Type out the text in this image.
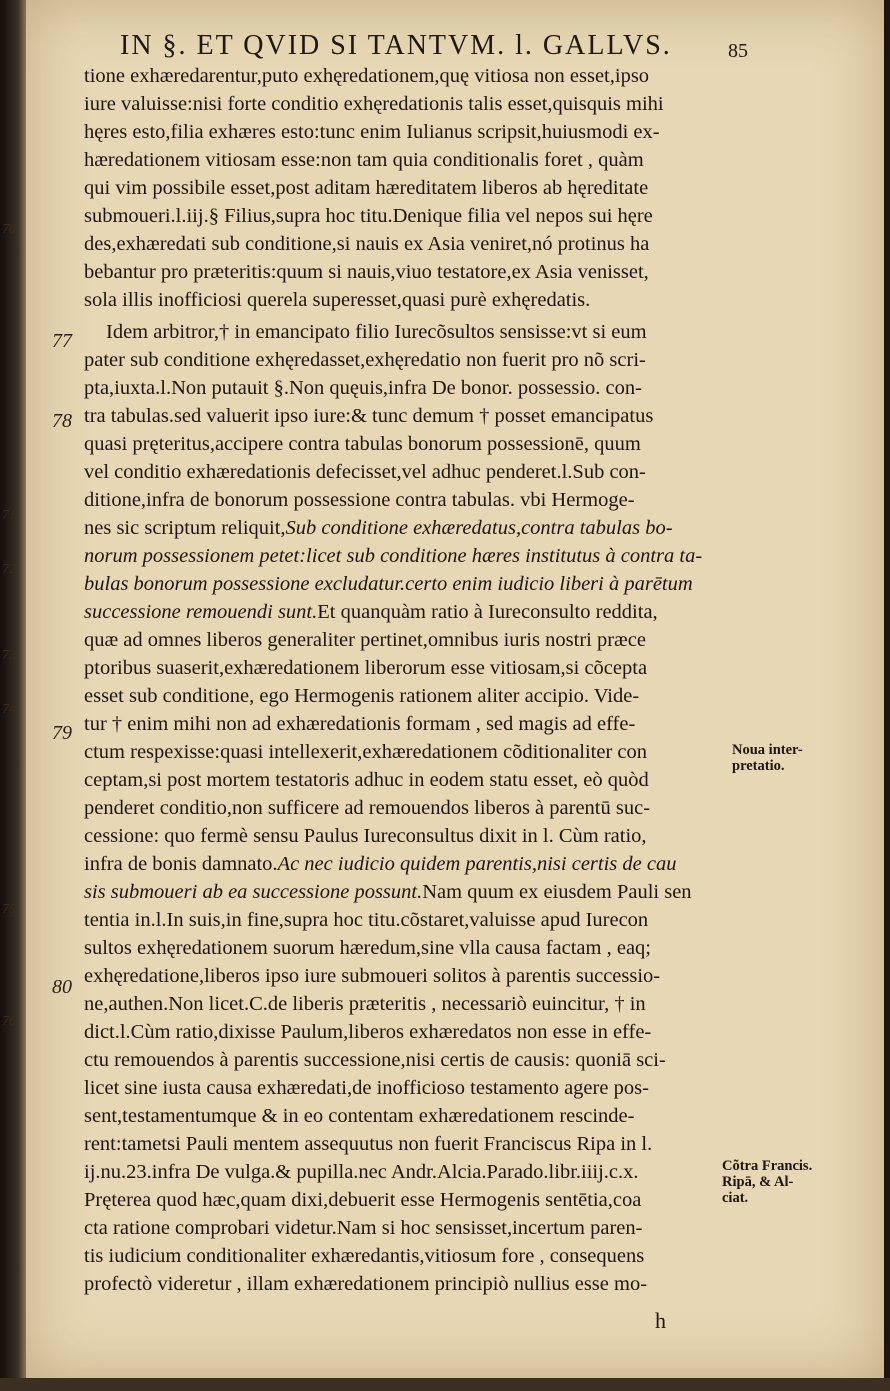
70
71
72
73
74
75
76
IN §. ET QVID SI TANTVM. l. GALLVS.	85
77
78
79
80
tione exhæredarentur,puto exhęredationem,quę vitiosa non esset,ipso
iure valuisse:nisi forte conditio exhęredationis talis esset,quisquis mihi
hęres esto,filia exhæres esto:tunc enim Iulianus scripsit,huiusmodi ex-
hæredationem vitiosam esse:non tam quia conditionalis foret , quàm
qui vim possibile esset,post aditam hæreditatem liberos ab hęreditate
submoueri.l.iij.§ Filius,supra hoc titu.Denique filia vel nepos sui hęre
des,exhæredati sub conditione,si nauis ex Asia veniret,nó protinus ha
bebantur pro præteritis:quum si nauis,viuo testatore,ex Asia venisset,
sola illis inofficiosi querela superesset,quasi purè exhęredatis.
Idem arbitror,† in emancipato filio Iurecõsultos sensisse:vt si eum
pater sub conditione exhęredasset,exhęredatio non fuerit pro nõ scri-
pta,iuxta.l.Non putauit §.Non quęuis,infra De bonor. possessio. con-
tra tabulas.sed valuerit ipso iure:& tunc demum † posset emancipatus
quasi pręteritus,accipere contra tabulas bonorum possessionē, quum
vel conditio exhæredationis defecisset,vel adhuc penderet.l.Sub con-
ditione,infra de bonorum possessione contra tabulas. vbi Hermoge-
nes sic scriptum reliquit,Sub conditione exhæredatus,contra tabulas bo-
norum possessionem petet:licet sub conditione hæres institutus à contra ta-
bulas bonorum possessione excludatur.certo enim iudicio liberi à parētum
successione remouendi sunt.Et quanquàm ratio à Iureconsulto reddita,
quæ ad omnes liberos generaliter pertinet,omnibus iuris nostri præce
ptoribus suaserit,exhæredationem liberorum esse vitiosam,si cõcepta
esset sub conditione, ego Hermogenis rationem aliter accipio. Vide-
tur † enim mihi non ad exhæredationis formam , sed magis ad effe-
ctum respexisse:quasi intellexerit,exhæredationem cõditionaliter con
ceptam,si post mortem testatoris adhuc in eodem statu esset, eò quòd
penderet conditio,non sufficere ad remouendos liberos à parentū suc-
cessione: quo fermè sensu Paulus Iureconsultus dixit in l. Cùm ratio,
infra de bonis damnato.Ac nec iudicio quidem parentis,nisi certis de cau
sis submoueri ab ea successione possunt.Nam quum ex eiusdem Pauli sen
tentia in.l.In suis,in fine,supra hoc titu.cõstaret,valuisse apud Iurecon
sultos exhęredationem suorum hæredum,sine vlla causa factam , eaq;
exhęredatione,liberos ipso iure submoueri solitos à parentis successio-
ne,authen.Non licet.C.de liberis præteritis , necessariò euincitur, † in
dict.l.Cùm ratio,dixisse Paulum,liberos exhæredatos non esse in effe-
ctu remouendos à parentis successione,nisi certis de causis: quoniā sci-
licet sine iusta causa exhæredati,de inofficioso testamento agere pos-
sent,testamentumque & in eo contentam exhæredationem rescinde-
rent:tametsi Pauli mentem assequutus non fuerit Franciscus Ripa in l.
ij.nu.23.infra De vulga.& pupilla.nec Andr.Alcia.Parado.libr.iiij.c.x.
Pręterea quod hæc,quam dixi,debuerit esse Hermogenis sentētia,coa
cta ratione comprobari videtur.Nam si hoc sensisset,incertum paren-
tis iudicium conditionaliter exhæredantis,vitiosum fore , consequens
profectò videretur , illam exhæredationem principiò nullius esse mo-
Noua inter-
pretatio.
Cõtra Francis.
Ripā, & Al-
ciat.
h
